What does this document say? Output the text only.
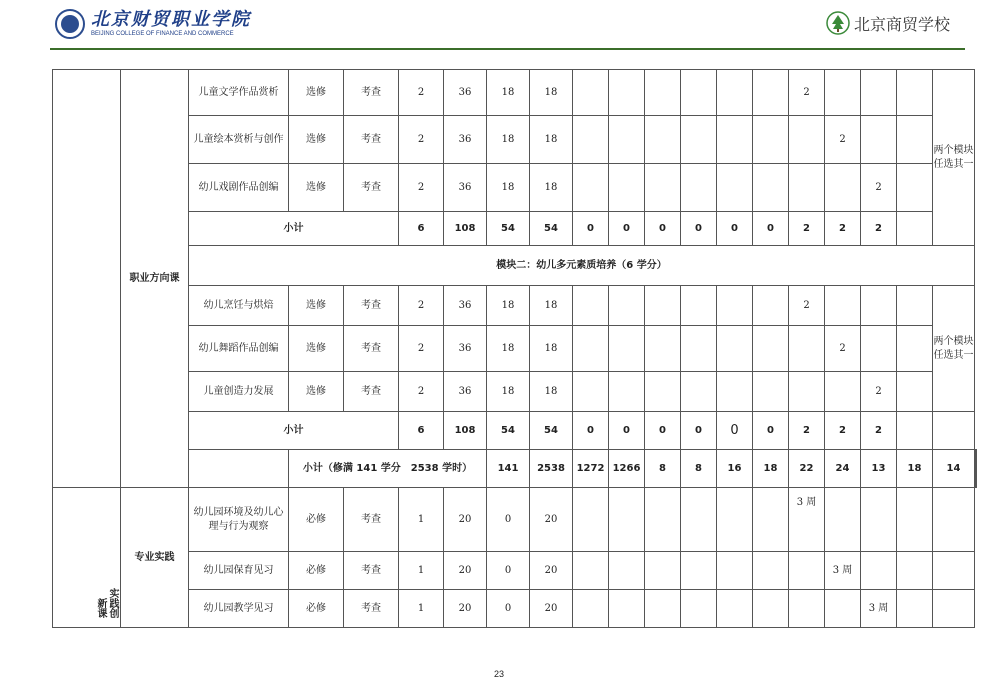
北京财贸职业学院
BEIJING COLLEGE OF FINANCE AND COMMERCE
北京商贸学校
	职业方向课	儿童文学作品赏析	选修	考查	2	36	18	18							2				两个模块任选其一	
		儿童绘本赏析与创作	选修	考查	2	36	18	18								2				
		幼儿戏剧作品创编	选修	考查	2	36	18	18									2			
		小计			6	108	54	54	0	0	0	0	0	0	2	2	2			
		模块二：幼儿多元素质培养（6 学分）																		
		幼儿烹饪与烘焙	选修	考查	2	36	18	18							2				两个模块任选其一	
		幼儿舞蹈作品创编	选修	考查	2	36	18	18								2				
		儿童创造力发展	选修	考查	2	36	18	18									2			
		小计			6	108	54	54	0	0	0	0	0	0	2	2	2			
			小计（修满 141 学分　2538 学时）				141	2538	1272	1266	8	8	16	18	22	24	13	18	14		
新课实践创	专业实践	幼儿园环境及幼儿心理与行为观察	必修	考查	1	20	0	20							3 周					
		幼儿园保育见习	必修	考查	1	20	0	20								3 周				
		幼儿园教学见习	必修	考查	1	20	0	20									3 周			
23
